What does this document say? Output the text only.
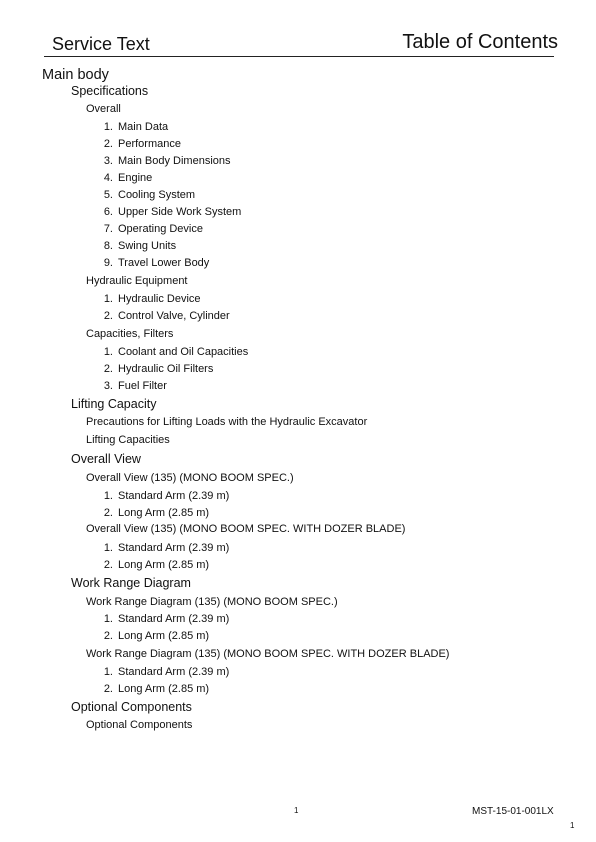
Service Text	Table of Contents
Main body
Specifications
Overall
1. Main Data
2. Performance
3. Main Body Dimensions
4. Engine
5. Cooling System
6. Upper Side Work System
7. Operating Device
8. Swing Units
9. Travel Lower Body
Hydraulic Equipment
1. Hydraulic Device
2. Control Valve, Cylinder
Capacities, Filters
1. Coolant and Oil Capacities
2. Hydraulic Oil Filters
3. Fuel Filter
Lifting Capacity
Precautions for Lifting Loads with the Hydraulic Excavator
Lifting Capacities
Overall View
Overall View (135) (MONO BOOM SPEC.)
1. Standard Arm (2.39 m)
2. Long Arm (2.85 m)
Overall View (135) (MONO BOOM SPEC. WITH DOZER BLADE)
1. Standard Arm (2.39 m)
2. Long Arm (2.85 m)
Work Range Diagram
Work Range Diagram (135) (MONO BOOM SPEC.)
1. Standard Arm (2.39 m)
2. Long Arm (2.85 m)
Work Range Diagram (135) (MONO BOOM SPEC. WITH DOZER BLADE)
1. Standard Arm (2.39 m)
2. Long Arm (2.85 m)
Optional Components
Optional Components
1	MST-15-01-001LX
1
